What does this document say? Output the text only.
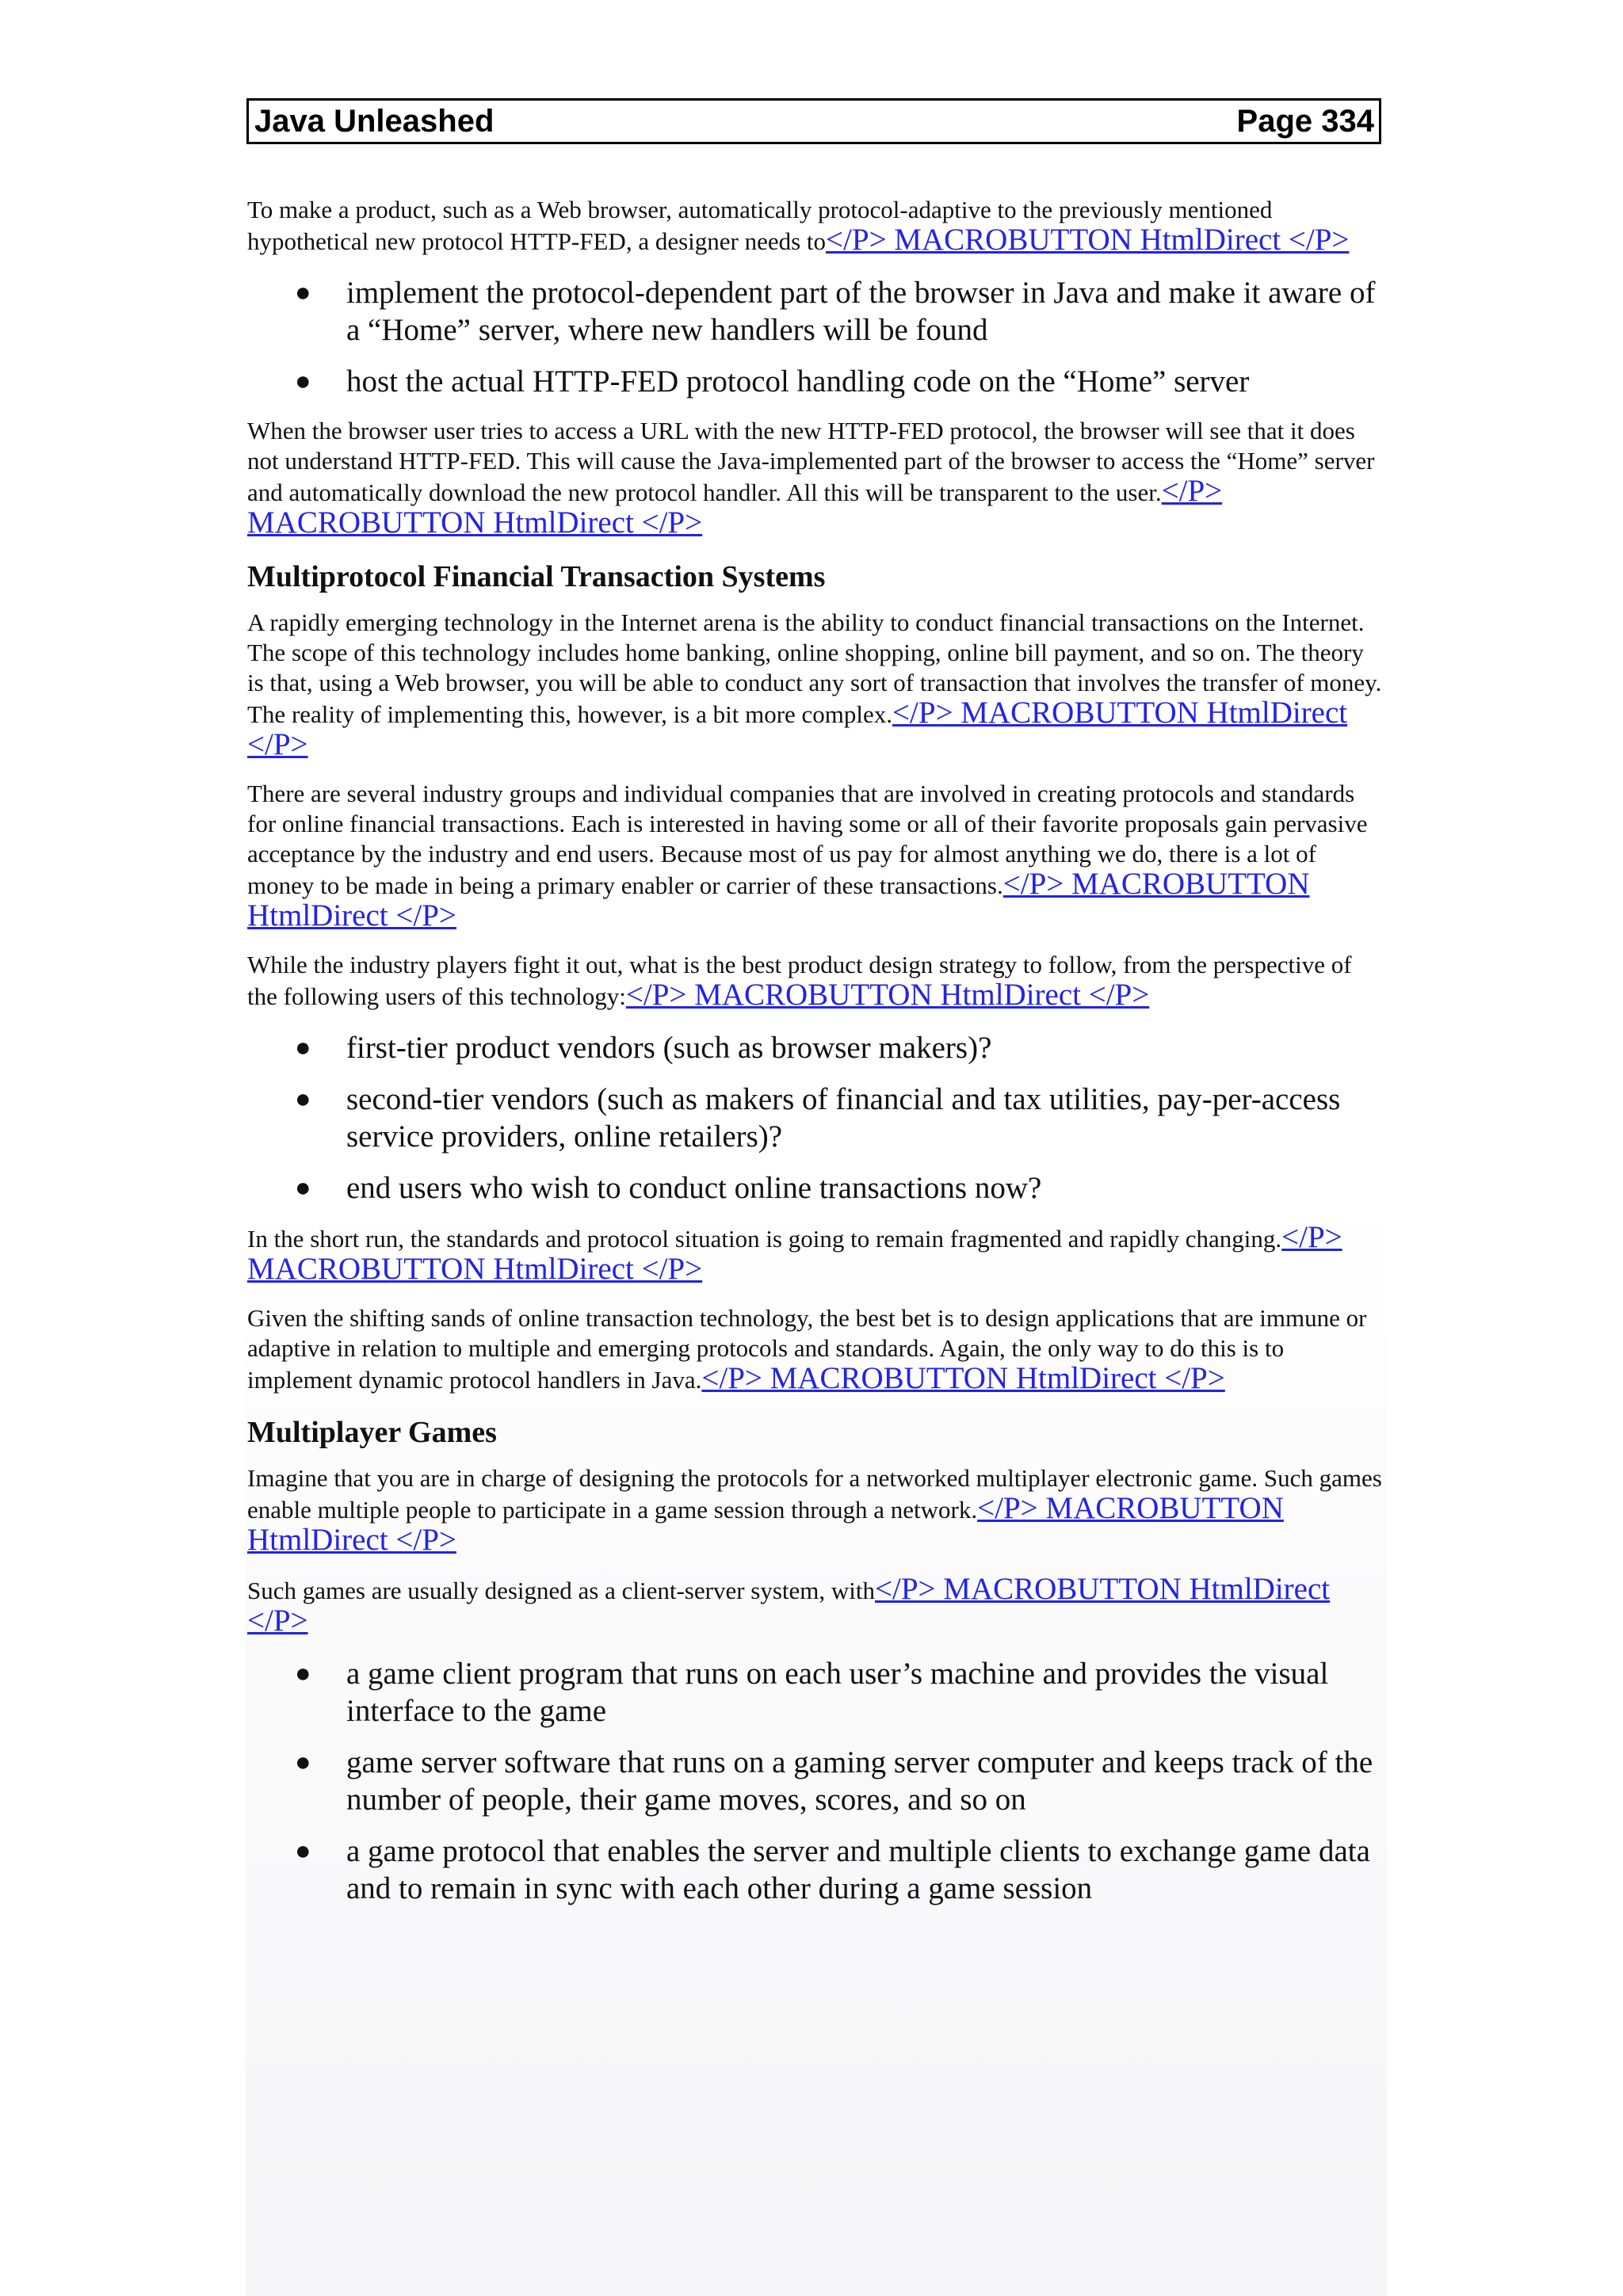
Java Unleashed	Page 334

To make a product, such as a Web browser, automatically protocol-adaptive to the previously mentioned hypothetical new protocol HTTP-FED, a designer needs to</P> MACROBUTTON HtmlDirect </P>

● implement the protocol-dependent part of the browser in Java and make it aware of a “Home” server, where new handlers will be found
● host the actual HTTP-FED protocol handling code on the “Home” server

When the browser user tries to access a URL with the new HTTP-FED protocol, the browser will see that it does not understand HTTP-FED. This will cause the Java-implemented part of the browser to access the “Home” server and automatically download the new protocol handler. All this will be transparent to the user.</P> MACROBUTTON HtmlDirect </P>

Multiprotocol Financial Transaction Systems

A rapidly emerging technology in the Internet arena is the ability to conduct financial transactions on the Internet. The scope of this technology includes home banking, online shopping, online bill payment, and so on. The theory is that, using a Web browser, you will be able to conduct any sort of transaction that involves the transfer of money. The reality of implementing this, however, is a bit more complex.</P> MACROBUTTON HtmlDirect </P>

There are several industry groups and individual companies that are involved in creating protocols and standards for online financial transactions. Each is interested in having some or all of their favorite proposals gain pervasive acceptance by the industry and end users. Because most of us pay for almost anything we do, there is a lot of money to be made in being a primary enabler or carrier of these transactions.</P> MACROBUTTON HtmlDirect </P>

While the industry players fight it out, what is the best product design strategy to follow, from the perspective of the following users of this technology:</P> MACROBUTTON HtmlDirect </P>

● first-tier product vendors (such as browser makers)?
● second-tier vendors (such as makers of financial and tax utilities, pay-per-access service providers, online retailers)?
● end users who wish to conduct online transactions now?

In the short run, the standards and protocol situation is going to remain fragmented and rapidly changing.</P> MACROBUTTON HtmlDirect </P>

Given the shifting sands of online transaction technology, the best bet is to design applications that are immune or adaptive in relation to multiple and emerging protocols and standards. Again, the only way to do this is to implement dynamic protocol handlers in Java.</P> MACROBUTTON HtmlDirect </P>

Multiplayer Games

Imagine that you are in charge of designing the protocols for a networked multiplayer electronic game. Such games enable multiple people to participate in a game session through a network.</P> MACROBUTTON HtmlDirect </P>

Such games are usually designed as a client-server system, with</P> MACROBUTTON HtmlDirect </P>

● a game client program that runs on each user’s machine and provides the visual interface to the game
● game server software that runs on a gaming server computer and keeps track of the number of people, their game moves, scores, and so on
● a game protocol that enables the server and multiple clients to exchange game data and to remain in sync with each other during a game session
